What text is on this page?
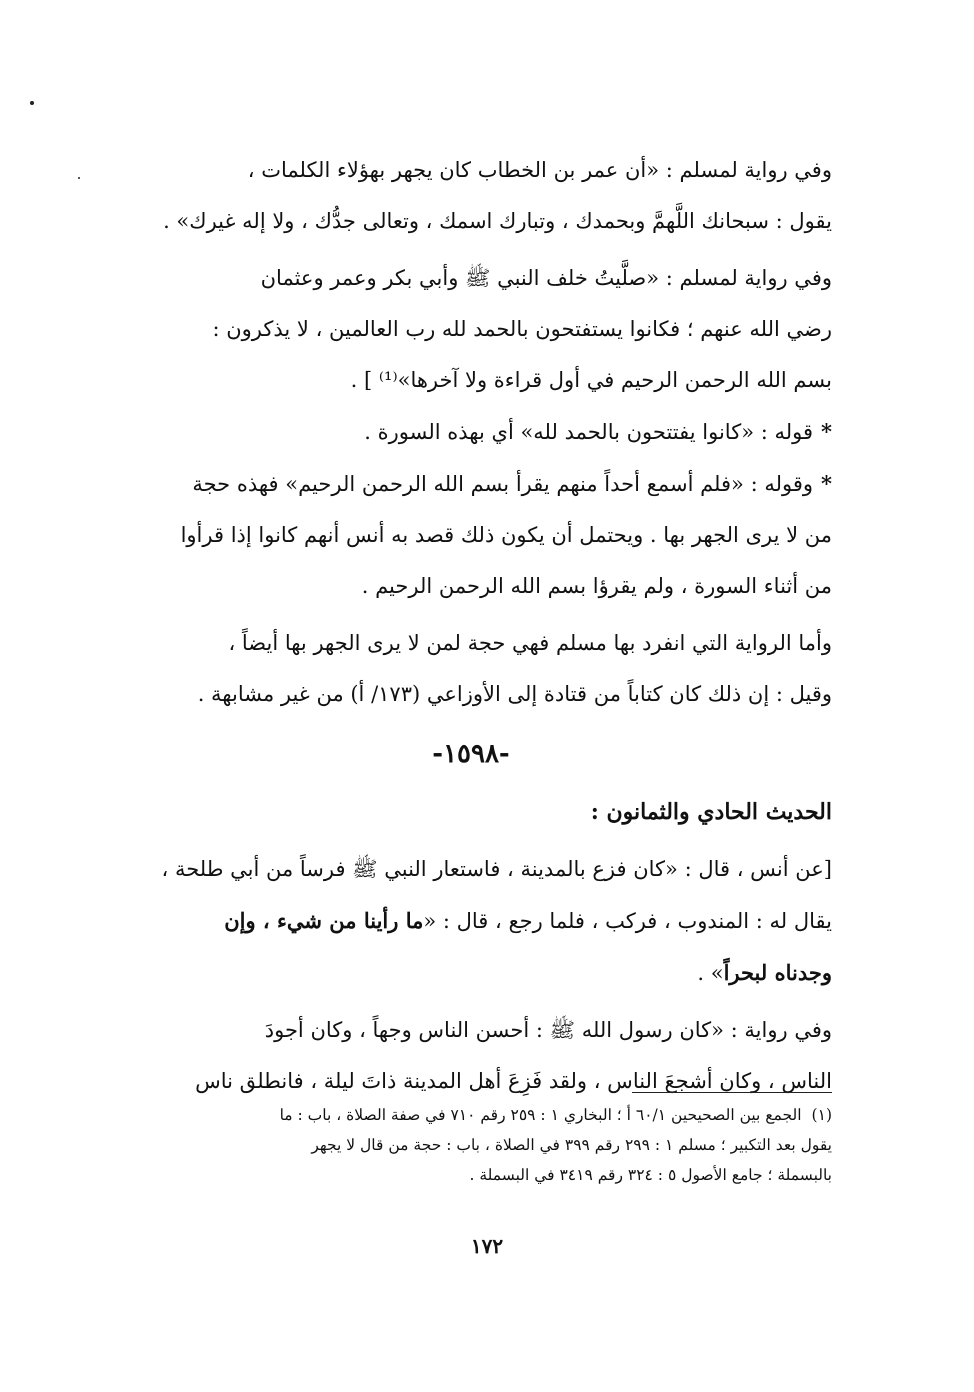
وفي رواية لمسلم : «أن عمر بن الخطاب كان يجهر بهؤلاء الكلمات ،
يقول : سبحانك اللَّهمَّ وبحمدك ، وتبارك اسمك ، وتعالى جدُّك ، ولا إله غيرك» .

وفي رواية لمسلم : «صلَّيتُ خلف النبي ﷺ وأبي بكر وعمر وعثمان
رضي الله عنهم ؛ فكانوا يستفتحون بالحمد لله رب العالمين ، لا يذكرون :
بسم الله الرحمن الرحيم في أول قراءة ولا آخرها»⁽¹⁾ ] .

*قوله : «كانوا يفتتحون بالحمد لله» أي بهذه السورة .

*وقوله : «فلم أسمع أحداً منهم يقرأ بسم الله الرحمن الرحيم» فهذه حجة
من لا يرى الجهر بها . ويحتمل أن يكون ذلك قصد به أنس أنهم كانوا إذا قرأوا
من أثناء السورة ، ولم يقرؤا بسم الله الرحمن الرحيم .

وأما الرواية التي انفرد بها مسلم فهي حجة لمن لا يرى الجهر بها أيضاً ،
وقيل : إن ذلك كان كتاباً من قتادة إلى الأوزاعي (١٧٣/ أ) من غير مشابهة .

-١٥٩٨-

الحديث الحادي والثمانون :

[عن أنس ، قال : «كان فزع بالمدينة ، فاستعار النبي ﷺ فرساً من أبي طلحة ،
يقال له : المندوب ، فركب ، فلما رجع ، قال : «ما رأينا من شيء ، وإن
وجدناه لبحراً» .

وفي رواية : «كان رسول الله ﷺ : أحسن الناس وجهاً ، وكان أجودَ
الناس ، وكان أشجعَ الناس ، ولقد فَزِعَ أهل المدينة ذاتَ ليلة ، فانطلق ناس

(١)الجمع بين الصحيحين ٦٠/١ أ ؛ البخاري ١ : ٢٥٩ رقم ٧١٠ في صفة الصلاة ، باب : ما
يقول بعد التكبير ؛ مسلم ١ : ٢٩٩ رقم ٣٩٩ في الصلاة ، باب : حجة من قال لا يجهر
بالبسملة ؛ جامع الأصول ٥ : ٣٢٤ رقم ٣٤١٩ في البسملة .

١٧٢
